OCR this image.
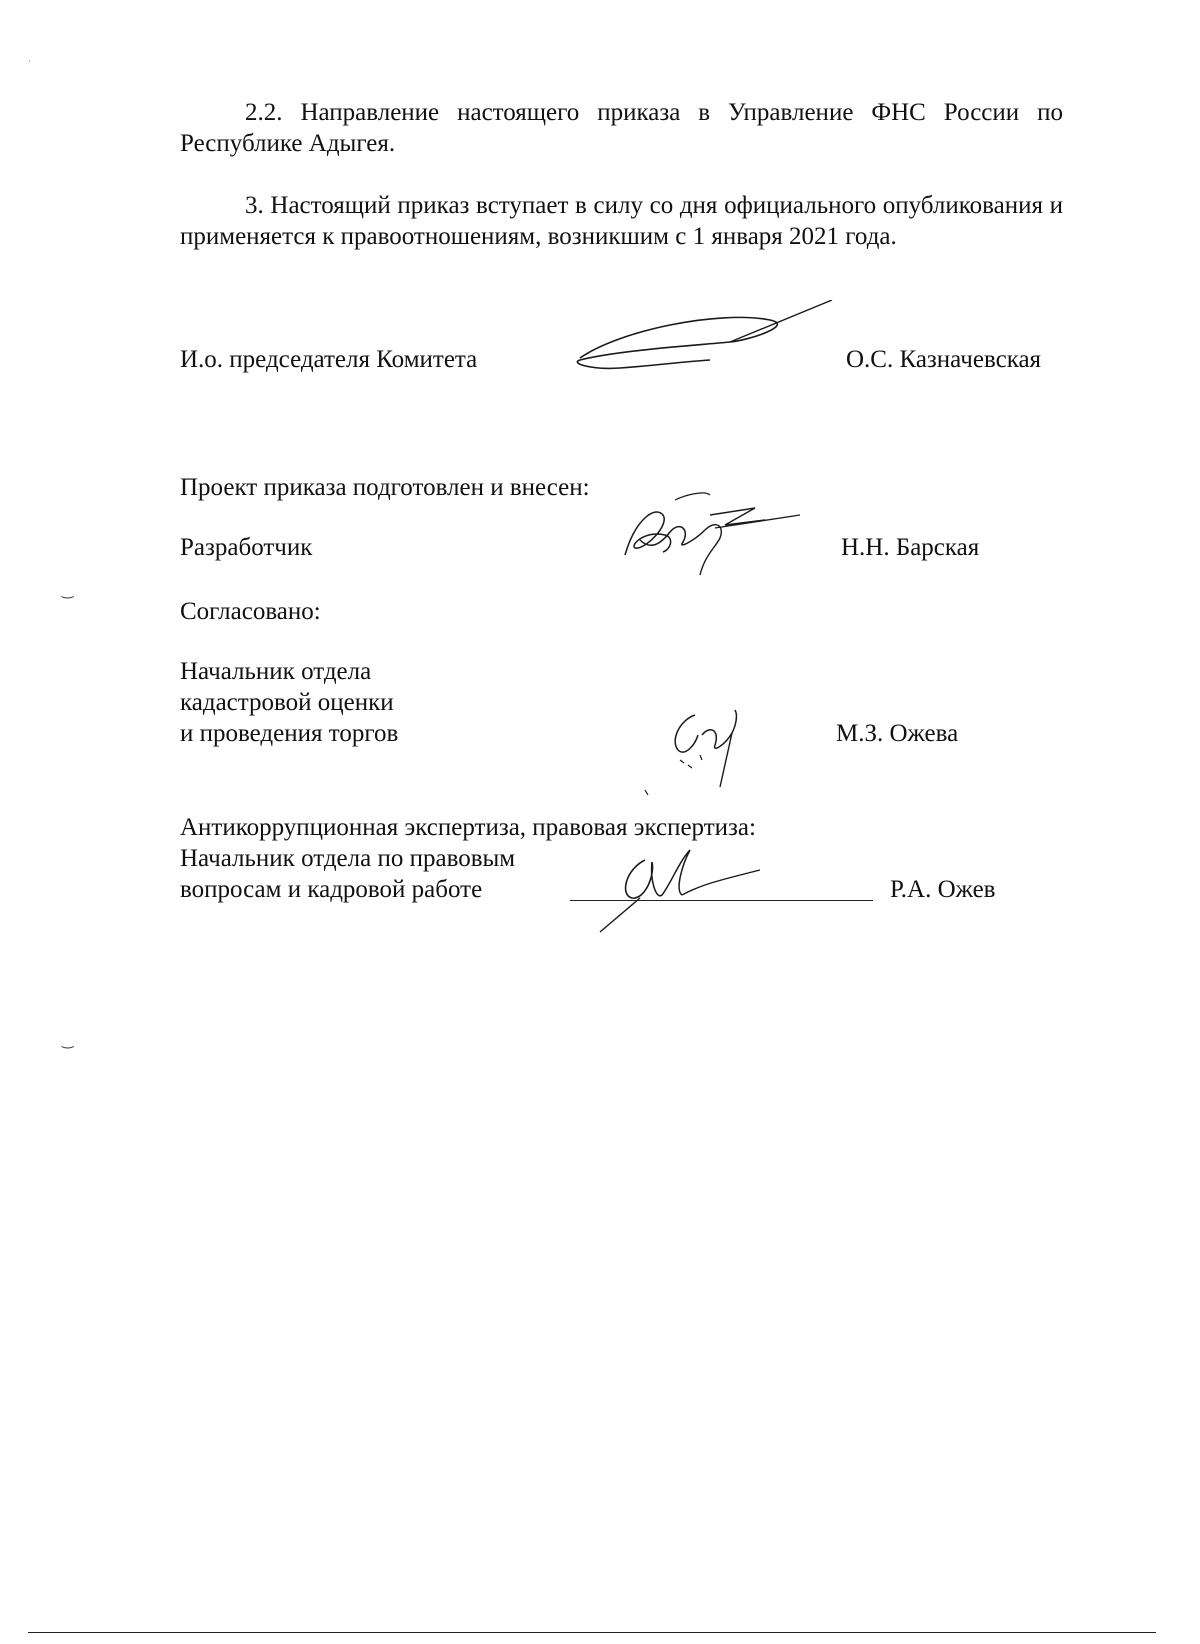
2.2. Направление настоящего приказа в Управление ФНС России по Республике Адыгея.

3. Настоящий приказ вступает в силу со дня официального опубликования и применяется к правоотношениям, возникшим с 1 января 2021 года.

И.о. председателя Комитета	О.С. Казначевская
Проект приказа подготовлен и внесен:
Разработчик	Н.Н. Барская
Согласовано:
Начальник отдела
кадастровой оценки
и проведения торгов	М.З. Ожева
Антикоррупционная экспертиза, правовая экспертиза:
Начальник отдела по правовым
вопросам и кадровой работе	Р.А. Ожев
‿
‿
·
